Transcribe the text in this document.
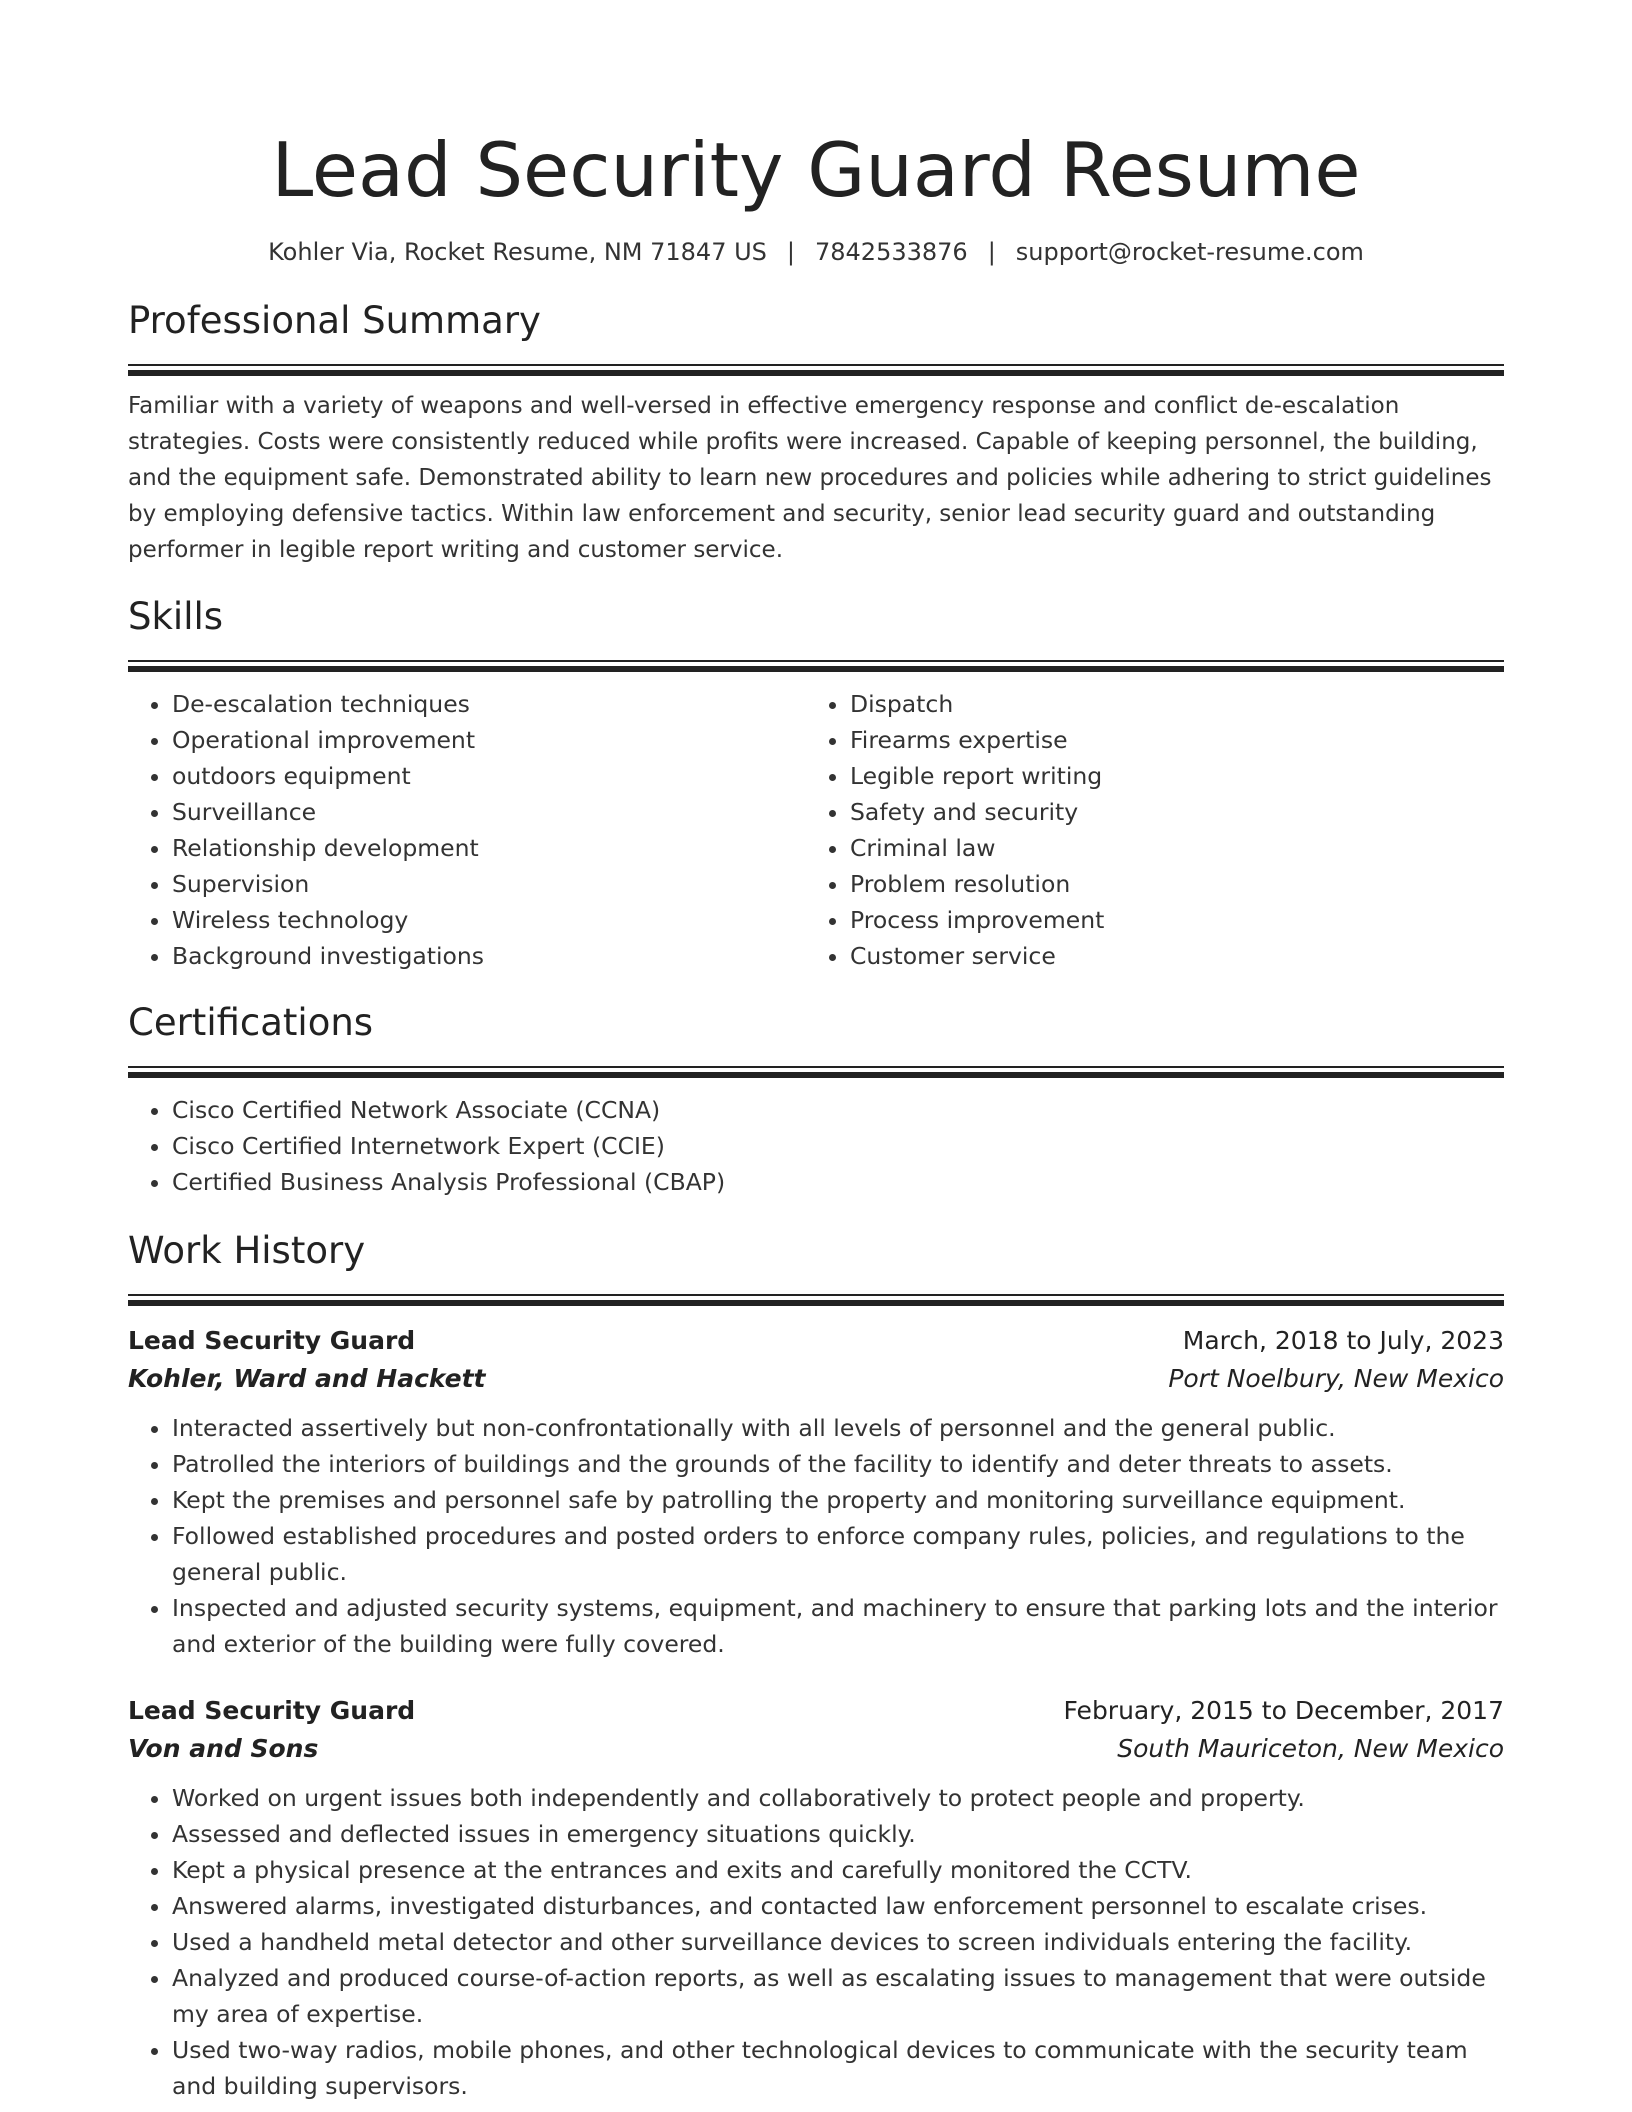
Lead Security Guard Resume
Kohler Via, Rocket Resume, NM 71847 US | 7842533876 | support@rocket-resume.com
Professional Summary

Familiar with a variety of weapons and well-versed in effective emergency response and conflict de-escalation strategies. Costs were consistently reduced while profits were increased. Capable of keeping personnel, the building, and the equipment safe. Demonstrated ability to learn new procedures and policies while adhering to strict guidelines by employing defensive tactics. Within law enforcement and security, senior lead security guard and outstanding performer in legible report writing and customer service.

Skills
• De-escalation techniques
• Operational improvement
• outdoors equipment
• Surveillance
• Relationship development
• Supervision
• Wireless technology
• Background investigations
• Dispatch
• Firearms expertise
• Legible report writing
• Safety and security
• Criminal law
• Problem resolution
• Process improvement
• Customer service
Certifications
• Cisco Certified Network Associate (CCNA)
• Cisco Certified Internetwork Expert (CCIE)
• Certified Business Analysis Professional (CBAP)
Work History
Lead Security Guard	March, 2018 to July, 2023
Kohler, Ward and Hackett	Port Noelbury, New Mexico
• Interacted assertively but non-confrontationally with all levels of personnel and the general public.
• Patrolled the interiors of buildings and the grounds of the facility to identify and deter threats to assets.
• Kept the premises and personnel safe by patrolling the property and monitoring surveillance equipment.
• Followed established procedures and posted orders to enforce company rules, policies, and regulations to the general public.
• Inspected and adjusted security systems, equipment, and machinery to ensure that parking lots and the interior and exterior of the building were fully covered.
Lead Security Guard	February, 2015 to December, 2017
Von and Sons	South Mauriceton, New Mexico
• Worked on urgent issues both independently and collaboratively to protect people and property.
• Assessed and deflected issues in emergency situations quickly.
• Kept a physical presence at the entrances and exits and carefully monitored the CCTV.
• Answered alarms, investigated disturbances, and contacted law enforcement personnel to escalate crises.
• Used a handheld metal detector and other surveillance devices to screen individuals entering the facility.
• Analyzed and produced course-of-action reports, as well as escalating issues to management that were outside my area of expertise.
• Used two-way radios, mobile phones, and other technological devices to communicate with the security team and building supervisors.
